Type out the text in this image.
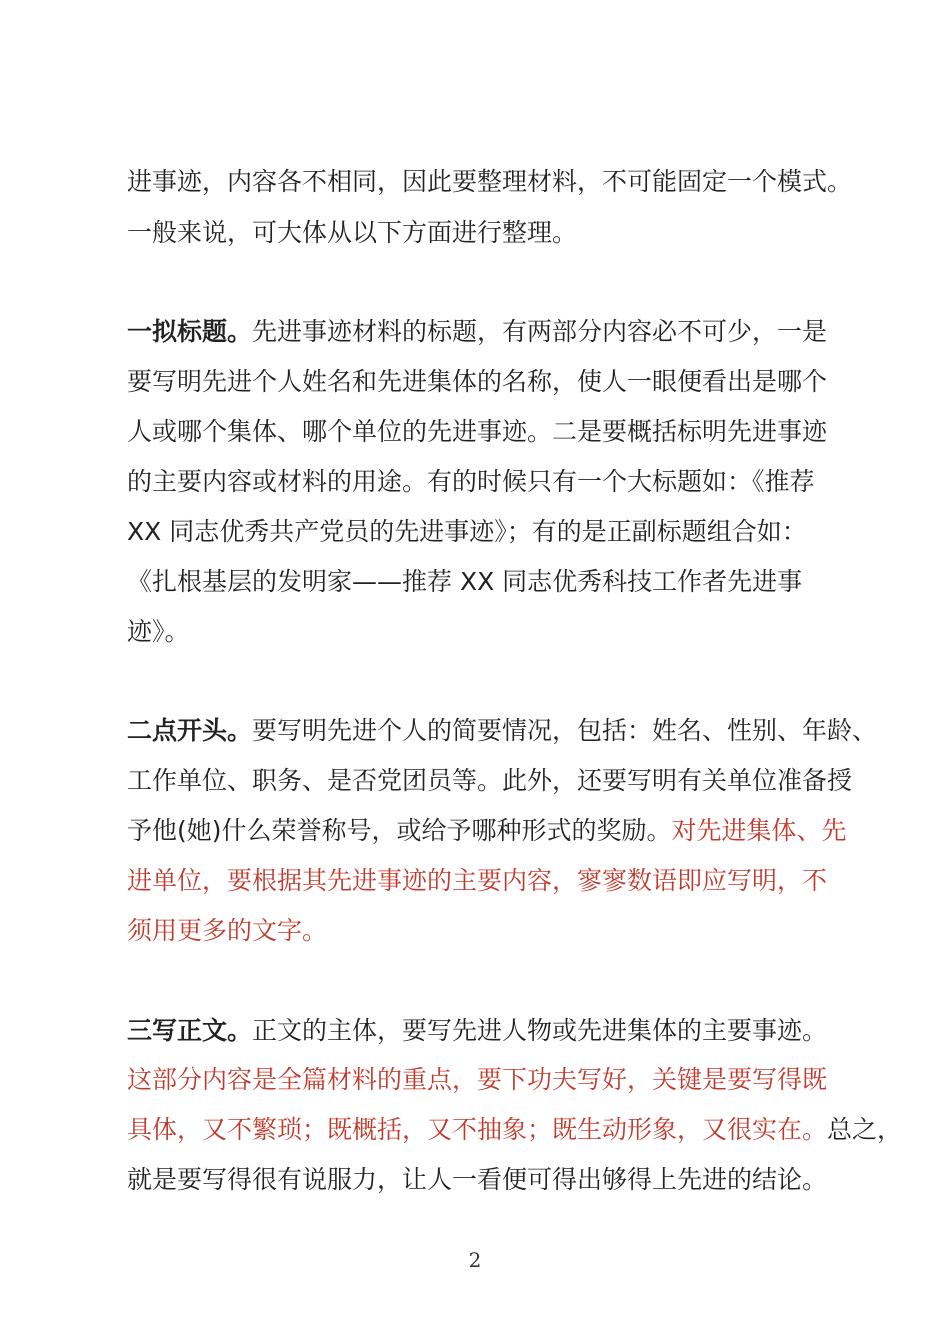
进事迹，内容各不相同，因此要整理材料，不可能固定一个模式。
一般来说，可大体从以下方面进行整理。
一拟标题。先进事迹材料的标题，有两部分内容必不可少，一是
要写明先进个人姓名和先进集体的名称，使人一眼便看出是哪个
人或哪个集体、哪个单位的先进事迹。二是要概括标明先进事迹
的主要内容或材料的用途。有的时候只有一个大标题如：《推荐
XX 同志优秀共产党员的先进事迹》；有的是正副标题组合如：
《扎根基层的发明家——推荐 XX 同志优秀科技工作者先进事
迹》。
二点开头。要写明先进个人的简要情况，包括：姓名、性别、年龄、
工作单位、职务、是否党团员等。此外，还要写明有关单位准备授
予他(她)什么荣誉称号，或给予哪种形式的奖励。对先进集体、先
进单位，要根据其先进事迹的主要内容，寥寥数语即应写明，不
须用更多的文字。
三写正文。正文的主体，要写先进人物或先进集体的主要事迹。
这部分内容是全篇材料的重点，要下功夫写好，关键是要写得既
具体，又不繁琐；既概括，又不抽象；既生动形象，又很实在。总之，
就是要写得很有说服力，让人一看便可得出够得上先进的结论。
2
